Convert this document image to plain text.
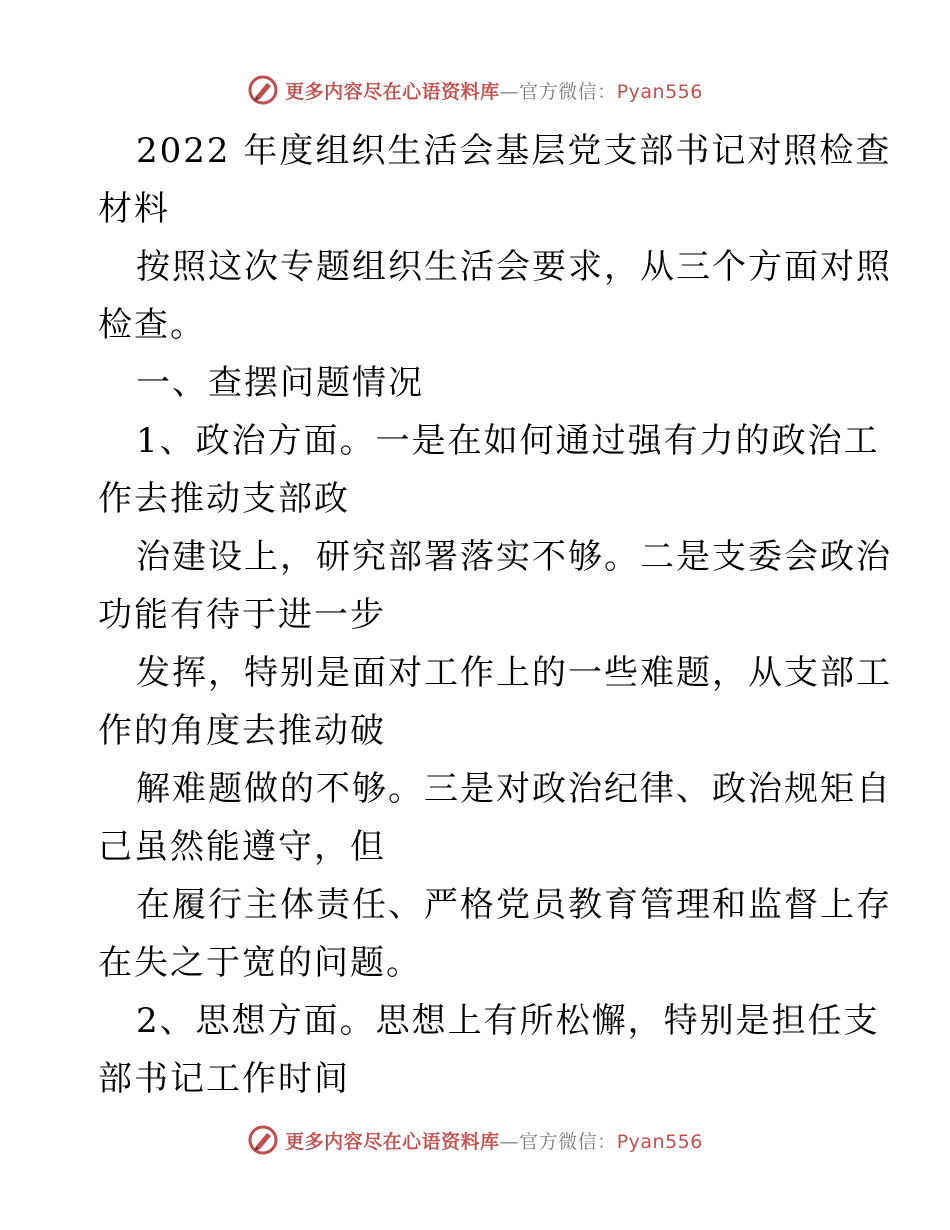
更多内容尽在心语资料库—官方微信：Pyan556
2022 年度组织生活会基层党支部书记对照检查
材料
按照这次专题组织生活会要求，从三个方面对照
检查。
一、查摆问题情况
1、政治方面。一是在如何通过强有力的政治工
作去推动支部政
治建设上，研究部署落实不够。二是支委会政治
功能有待于进一步
发挥，特别是面对工作上的一些难题，从支部工
作的角度去推动破
解难题做的不够。三是对政治纪律、政治规矩自
己虽然能遵守，但
在履行主体责任、严格党员教育管理和监督上存
在失之于宽的问题。
2、思想方面。思想上有所松懈，特别是担任支
部书记工作时间
更多内容尽在心语资料库—官方微信：Pyan556
